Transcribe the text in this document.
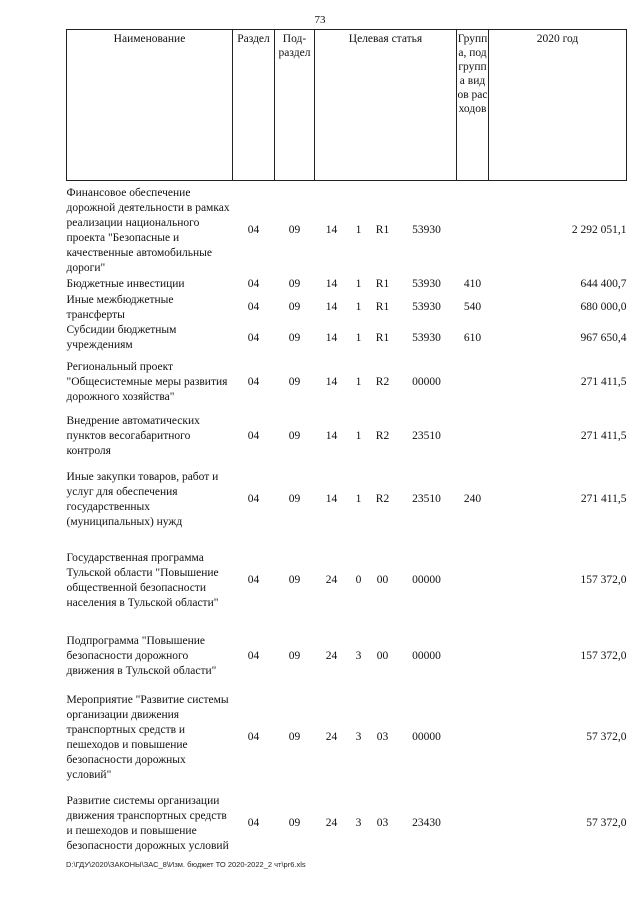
73
Наименование	Раздел	Под-раздел	Целевая статья				Группа, подгруппа видов расходов	2020 год
Финансовое обеспечение дорожной деятельности в рамках реализации национального проекта "Безопасные и качественные автомобильные дороги"	04	09	14	1	R1	53930		2 292 051,1
Бюджетные инвестиции	04	09	14	1	R1	53930	410	644 400,7
Иные межбюджетные трансферты	04	09	14	1	R1	53930	540	680 000,0
Субсидии бюджетным учреждениям	04	09	14	1	R1	53930	610	967 650,4
Региональный проект "Общесистемные меры развития дорожного хозяйства"	04	09	14	1	R2	00000		271 411,5
Внедрение автоматических пунктов весогабаритного контроля	04	09	14	1	R2	23510		271 411,5
Иные закупки товаров, работ и услуг для обеспечения государственных (муниципальных) нужд	04	09	14	1	R2	23510	240	271 411,5
Государственная программа Тульской области "Повышение общественной безопасности населения в Тульской области"	04	09	24	0	00	00000		157 372,0
Подпрограмма "Повышение безопасности дорожного движения в Тульской области"	04	09	24	3	00	00000		157 372,0
Мероприятие "Развитие системы организации движения транспортных средств и пешеходов и повышение безопасности дорожных условий"	04	09	24	3	03	00000		57 372,0
Развитие системы организации движения транспортных средств и пешеходов и повышение безопасности дорожных условий	04	09	24	3	03	23430		57 372,0
D:\ГДУ\2020\ЗАКОНЫ\ЗАС_8\Изм. бюджет ТО 2020-2022_2 чт\pr6.xls
